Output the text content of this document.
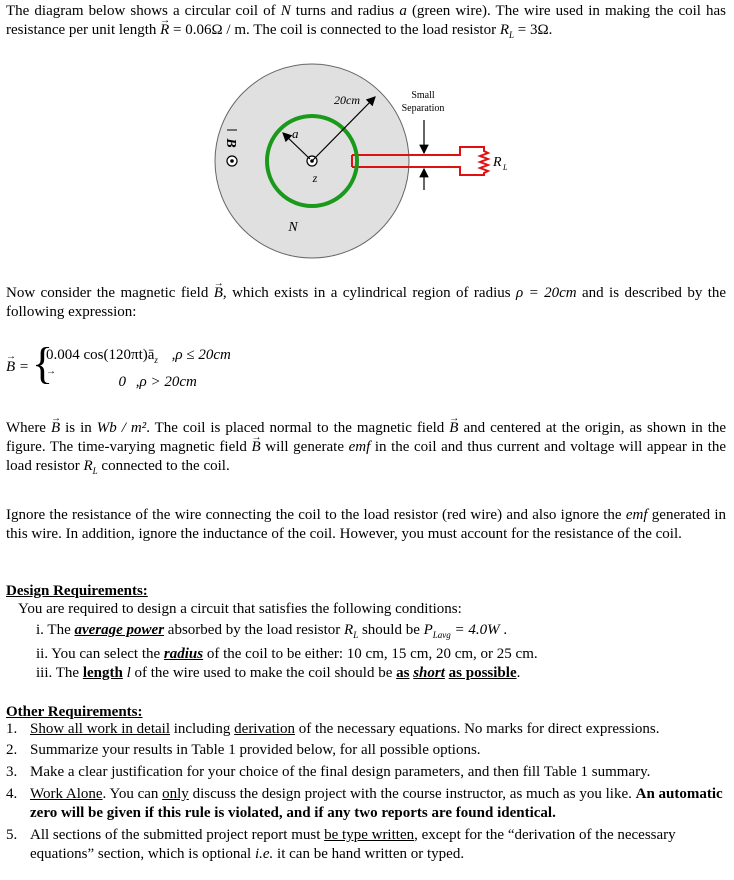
The diagram below shows a circular coil of N turns and radius a (green wire). The wire used in making the coil has resistance per unit length → R = 0.06Ω / m. The coil is connected to the load resistor $R_L = 3\Omega$.
B
20cm	Small
Separation
a
z
N
R L
Now consider the magnetic field → B, which exists in a cylindrical region of radius ρ = 20cm and is described by the following expression:
→ B = {
0.004 $\cos(120\pi t)ā_z$ ,ρ ≤ 20cm
→ 0 ,ρ > 20cm
Where → B is in Wb / m². The coil is placed normal to the magnetic field → B and centered at the origin, as shown in the figure. The time-varying magnetic field → B will generate emf in the coil and thus current and voltage will appear in the load resistor $R_L$ connected to the coil.
Ignore the resistance of the wire connecting the coil to the load resistor (red wire) and also ignore the emf generated in this wire. In addition, ignore the inductance of the coil. However, you must account for the resistance of the coil.
Design Requirements:
You are required to design a circuit that satisfies the following conditions:
i. The average power absorbed by the load resistor $R_L$ should be $P_{Lavg} = 4.0W$ .
ii. You can select the radius of the coil to be either: 10 cm, 15 cm, 20 cm, or 25 cm.
iii. The length l of the wire used to make the coil should be as short as possible.
Other Requirements:
1. Show all work in detail including derivation of the necessary equations. No marks for direct expressions.
2. Summarize your results in Table 1 provided below, for all possible options.
3. Make a clear justification for your choice of the final design parameters, and then fill Table 1 summary.
4. Work Alone. You can only discuss the design project with the course instructor, as much as you like. An automatic zero will be given if this rule is violated, and if any two reports are found identical.
5. All sections of the submitted project report must be type written, except for the “derivation of the necessary equations” section, which is optional i.e. it can be hand written or typed.
